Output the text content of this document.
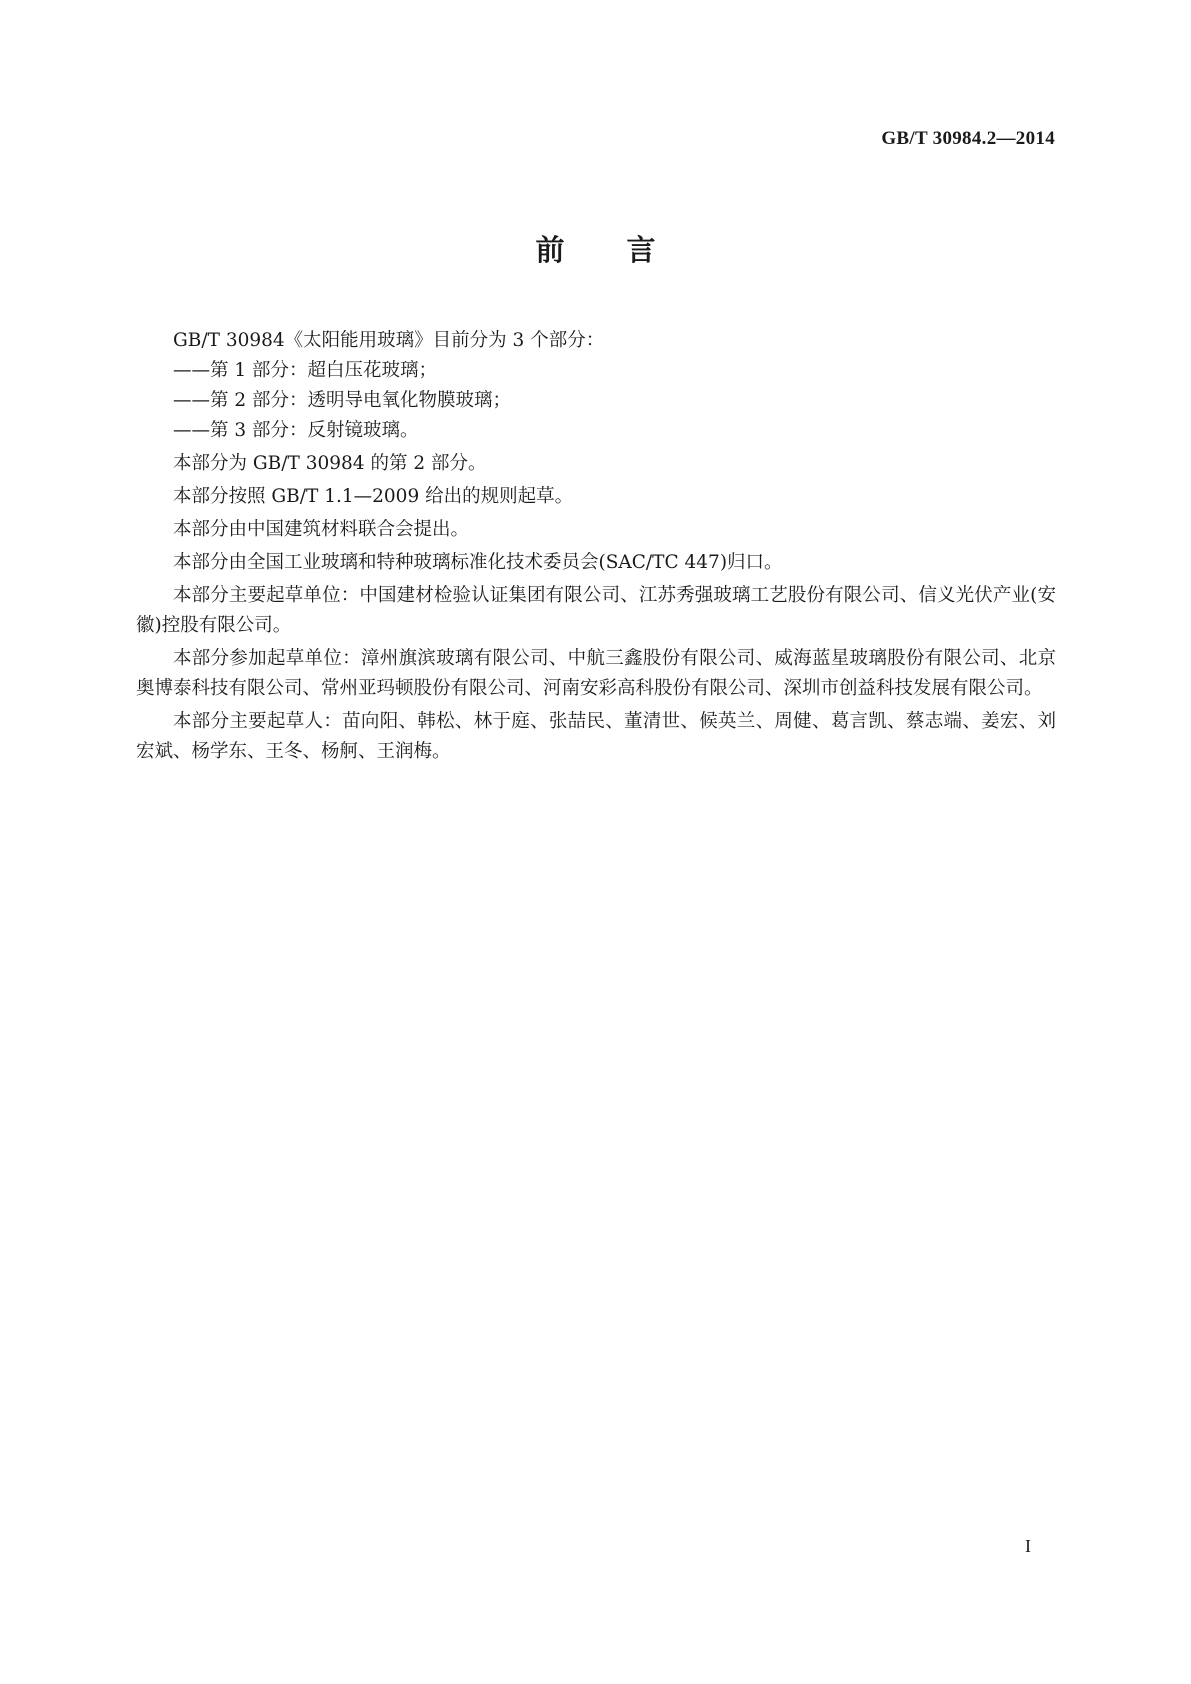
GB/T 30984.2—2014
前言

GB/T 30984《太阳能用玻璃》目前分为 3 个部分：

——第 1 部分：超白压花玻璃；

——第 2 部分：透明导电氧化物膜玻璃；

——第 3 部分：反射镜玻璃。

本部分为 GB/T 30984 的第 2 部分。

本部分按照 GB/T 1.1—2009 给出的规则起草。

本部分由中国建筑材料联合会提出。

本部分由全国工业玻璃和特种玻璃标准化技术委员会(SAC/TC 447)归口。

本部分主要起草单位：中国建材检验认证集团有限公司、江苏秀强玻璃工艺股份有限公司、信义光伏产业(安徽)控股有限公司。

本部分参加起草单位：漳州旗滨玻璃有限公司、中航三鑫股份有限公司、威海蓝星玻璃股份有限公司、北京奥博泰科技有限公司、常州亚玛顿股份有限公司、河南安彩高科股份有限公司、深圳市创益科技发展有限公司。

本部分主要起草人：苗向阳、韩松、林于庭、张喆民、董清世、候英兰、周健、葛言凯、蔡志端、姜宏、刘宏斌、杨学东、王冬、杨舸、王润梅。

I
